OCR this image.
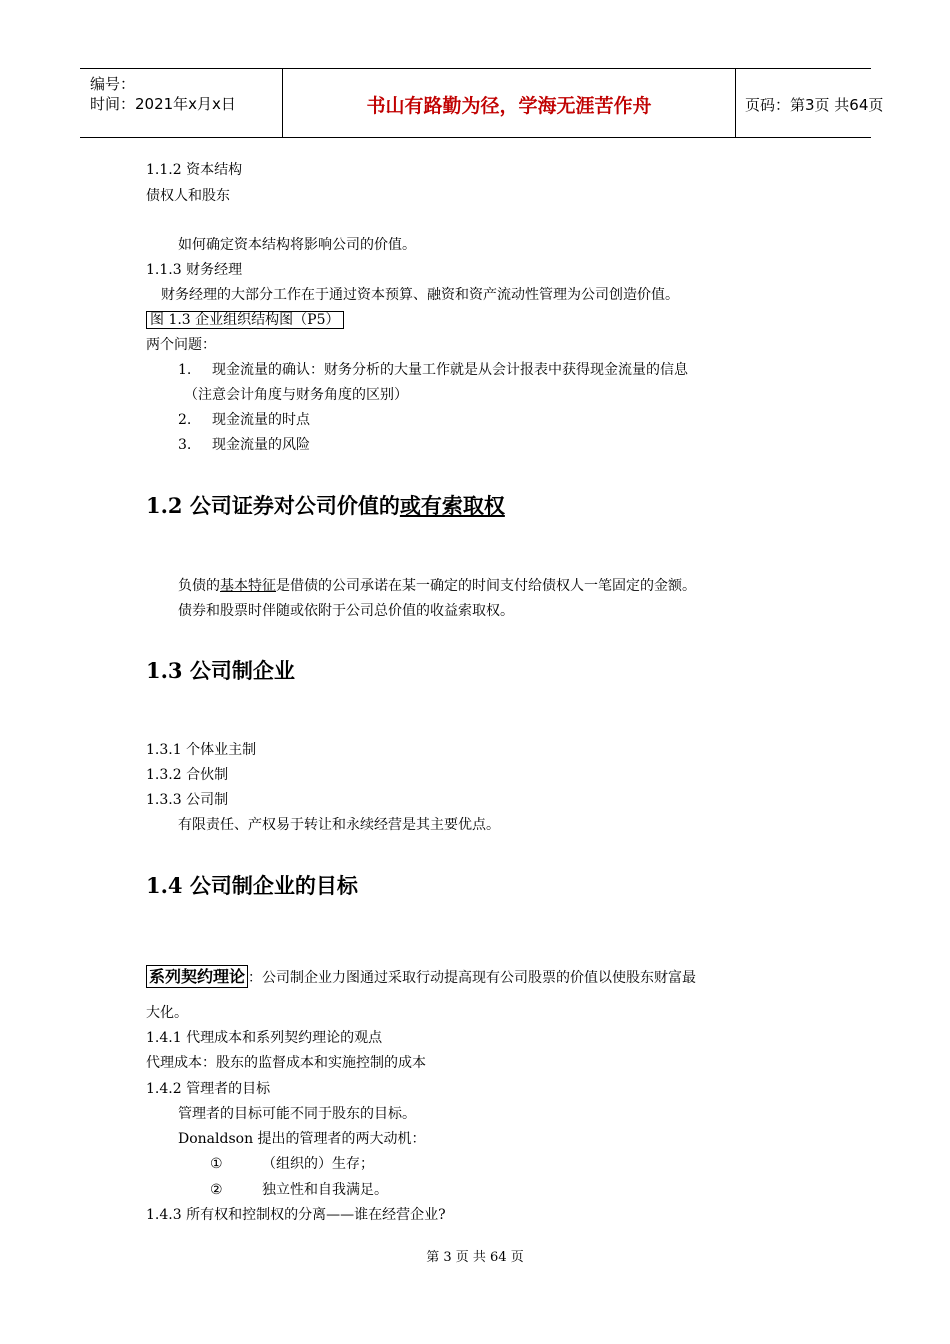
编号：
时间：2021年x月x日	书山有路勤为径，学海无涯苦作舟	页码：第3页 共64页
1.1.2 资本结构
债权人和股东
如何确定资本结构将影响公司的价值。
1.1.3 财务经理
财务经理的大部分工作在于通过资本预算、融资和资产流动性管理为公司创造价值。
图 1.3 企业组织结构图（P5）
两个问题：
1. 现金流量的确认：财务分析的大量工作就是从会计报表中获得现金流量的信息
（注意会计角度与财务角度的区别）
2. 现金流量的时点
3. 现金流量的风险
1.2 公司证券对公司价值的或有索取权
负债的基本特征是借债的公司承诺在某一确定的时间支付给债权人一笔固定的金额。
债券和股票时伴随或依附于公司总价值的收益索取权。
1.3 公司制企业
1.3.1 个体业主制
1.3.2 合伙制
1.3.3 公司制
有限责任、产权易于转让和永续经营是其主要优点。
1.4 公司制企业的目标
系列契约理论 ：公司制企业力图通过采取行动提高现有公司股票的价值以使股东财富最
大化。
1.4.1 代理成本和系列契约理论的观点
代理成本：股东的监督成本和实施控制的成本
1.4.2 管理者的目标
管理者的目标可能不同于股东的目标。
Donaldson 提出的管理者的两大动机：
①	（组织的）生存；
②	独立性和自我满足。
1.4.3 所有权和控制权的分离——谁在经营企业?
第 3 页 共 64 页
